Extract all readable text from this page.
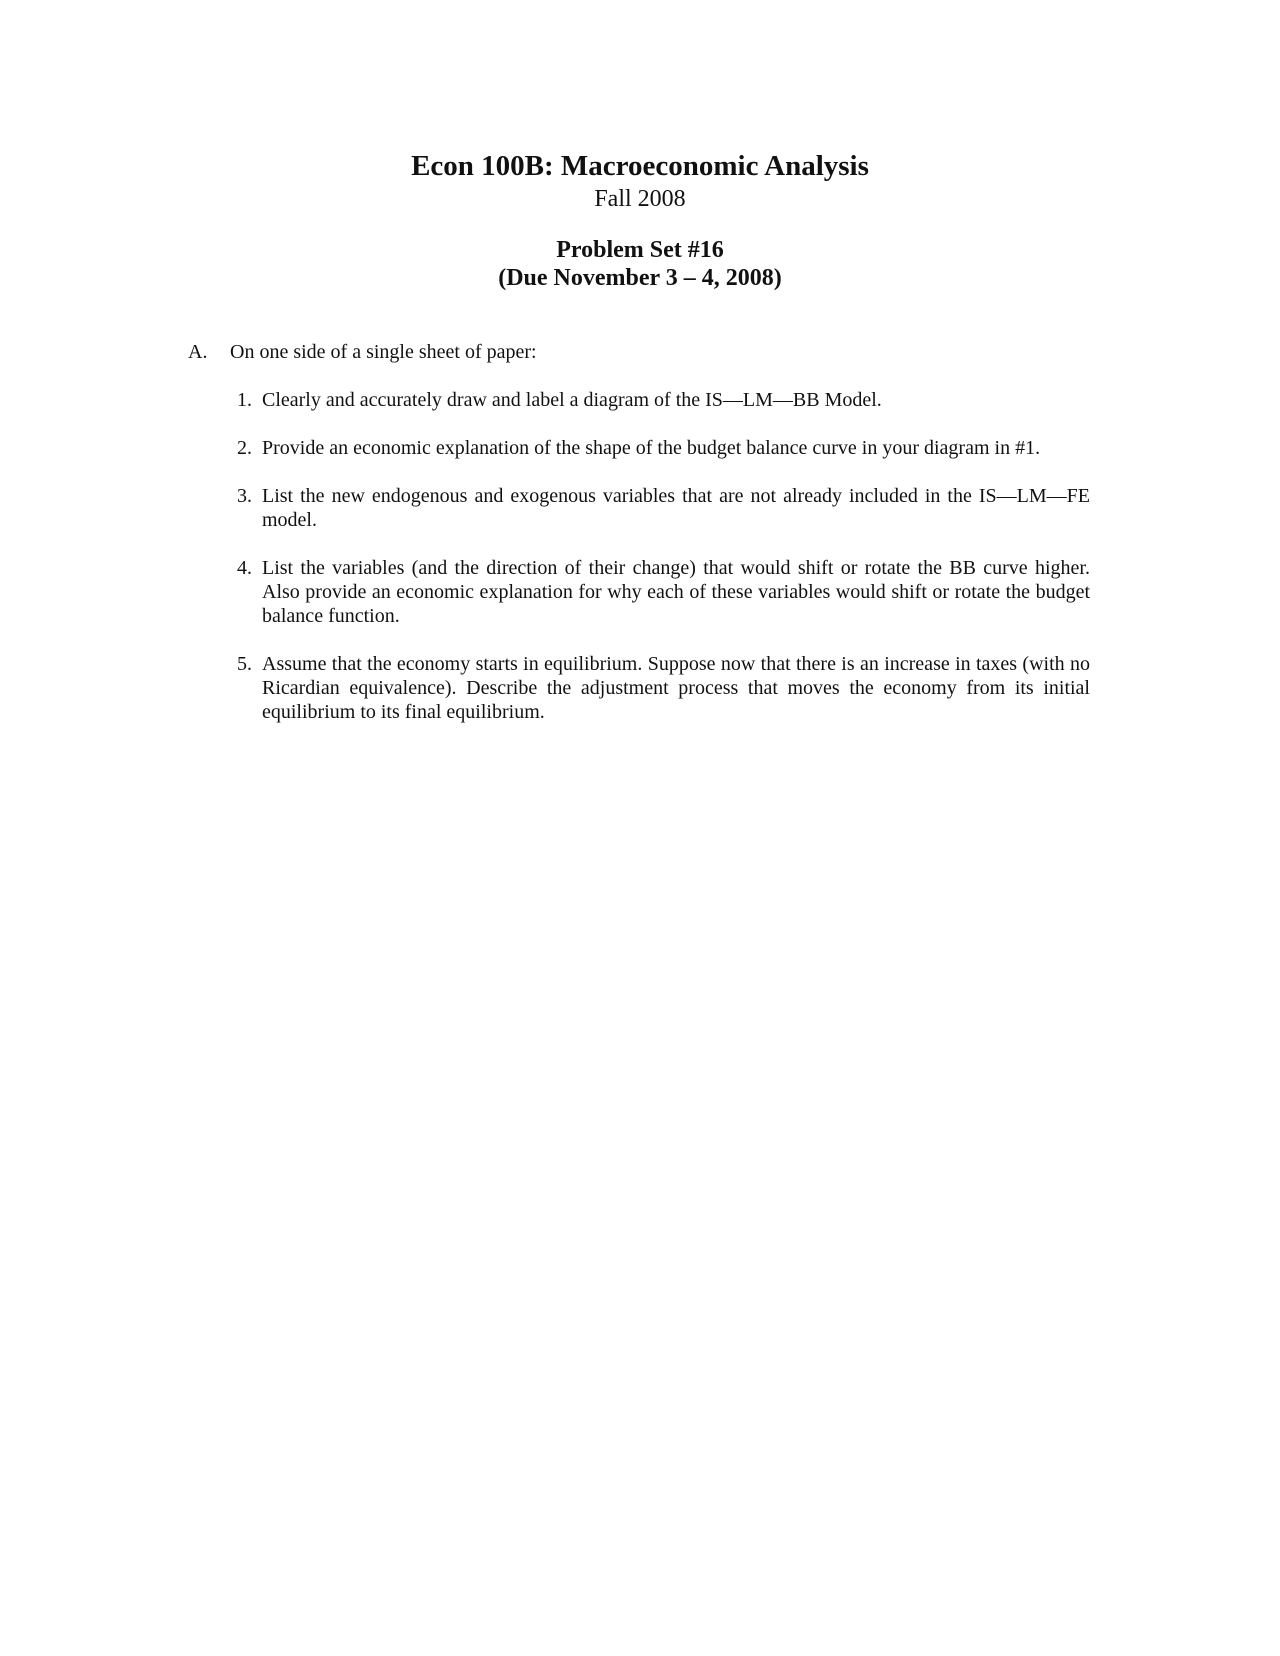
Econ 100B: Macroeconomic Analysis
Fall 2008
Problem Set #16
(Due November 3 – 4, 2008)
A. On one side of a single sheet of paper:
1. Clearly and accurately draw and label a diagram of the IS—LM—BB Model.
2. Provide an economic explanation of the shape of the budget balance curve in your diagram in #1.
3. List the new endogenous and exogenous variables that are not already included in the IS—LM—FE model.
4. List the variables (and the direction of their change) that would shift or rotate the BB curve higher. Also provide an economic explanation for why each of these variables would shift or rotate the budget balance function.
5. Assume that the economy starts in equilibrium. Suppose now that there is an increase in taxes (with no Ricardian equivalence). Describe the adjustment process that moves the economy from its initial equilibrium to its final equilibrium.
